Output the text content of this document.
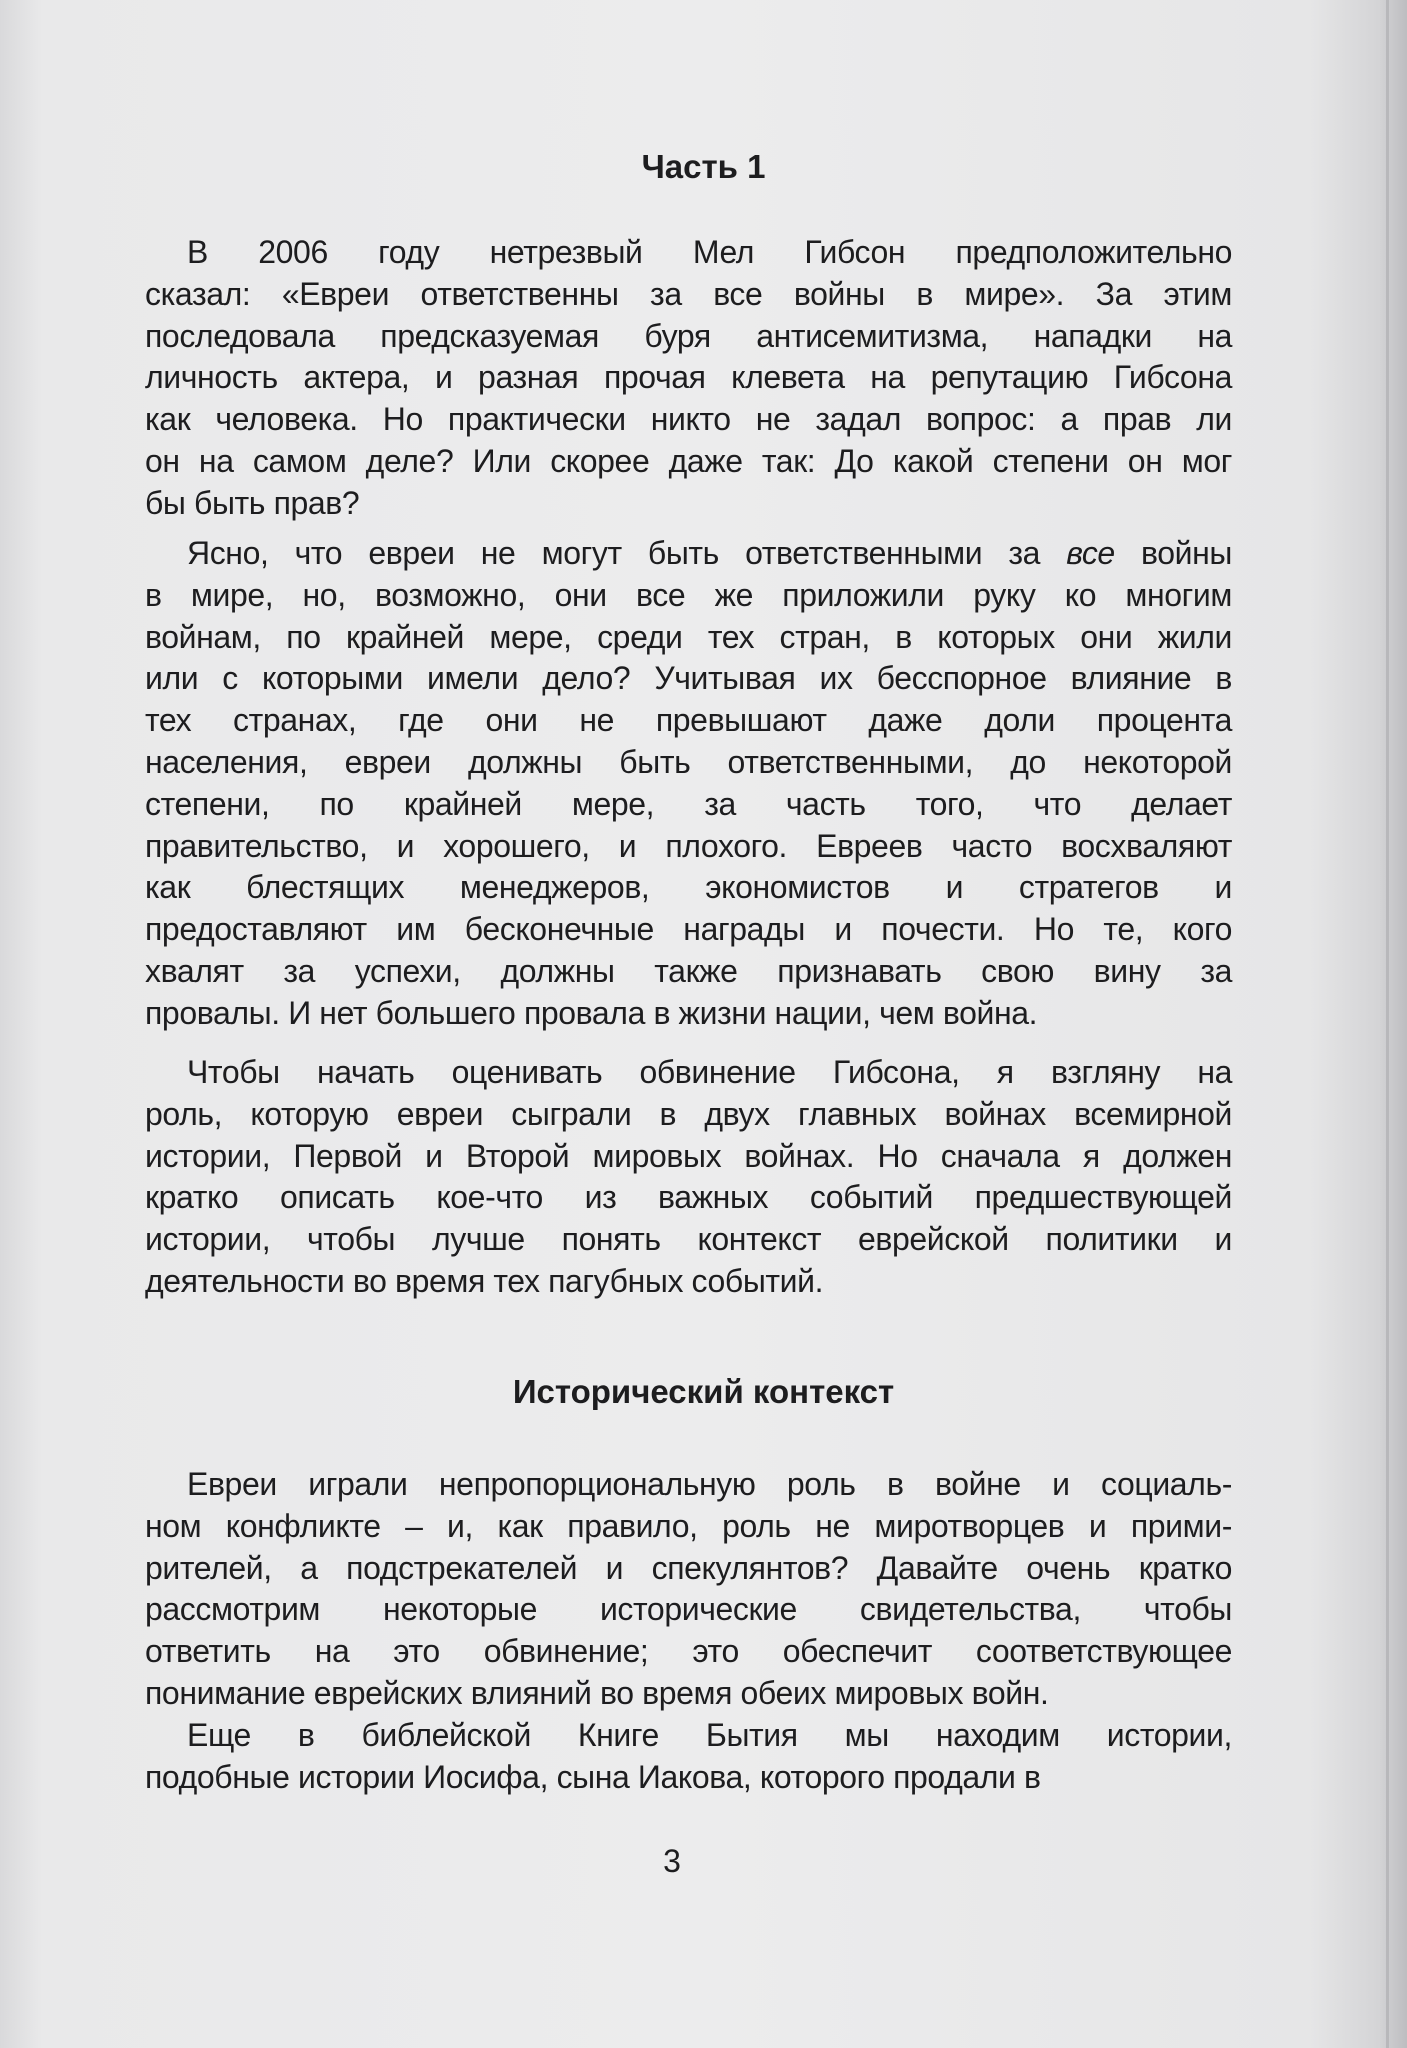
Часть 1
В 2006 году нетрезвый Мел Гибсон предположительно
сказал: «Евреи ответственны за все войны в мире». За этим
последовала предсказуемая буря антисемитизма, нападки на
личность актера, и разная прочая клевета на репутацию Гибсона
как человека. Но практически никто не задал вопрос: а прав ли
он на самом деле? Или скорее даже так: До какой степени он мог
бы быть прав?
Ясно, что евреи не могут быть ответственными за все войны
в мире, но, возможно, они все же приложили руку ко многим
войнам, по крайней мере, среди тех стран, в которых они жили
или с которыми имели дело? Учитывая их бесспорное влияние в
тех странах, где они не превышают даже доли процента
населения, евреи должны быть ответственными, до некоторой
степени, по крайней мере, за часть того, что делает
правительство, и хорошего, и плохого. Евреев часто восхваляют
как блестящих менеджеров, экономистов и стратегов и
предоставляют им бесконечные награды и почести. Но те, кого
хвалят за успехи, должны также признавать свою вину за
провалы. И нет большего провала в жизни нации, чем война.
Чтобы начать оценивать обвинение Гибсона, я взгляну на
роль, которую евреи сыграли в двух главных войнах всемирной
истории, Первой и Второй мировых войнах. Но сначала я должен
кратко описать кое-что из важных событий предшествующей
истории, чтобы лучше понять контекст еврейской политики и
деятельности во время тех пагубных событий.
Исторический контекст
Евреи играли непропорциональную роль в войне и социаль-
ном конфликте – и, как правило, роль не миротворцев и прими-
рителей, а подстрекателей и спекулянтов? Давайте очень кратко
рассмотрим некоторые исторические свидетельства, чтобы
ответить на это обвинение; это обеспечит соответствующее
понимание еврейских влияний во время обеих мировых войн.
Еще в библейской Книге Бытия мы находим истории,
подобные истории Иосифа, сына Иакова, которого продали в
3
